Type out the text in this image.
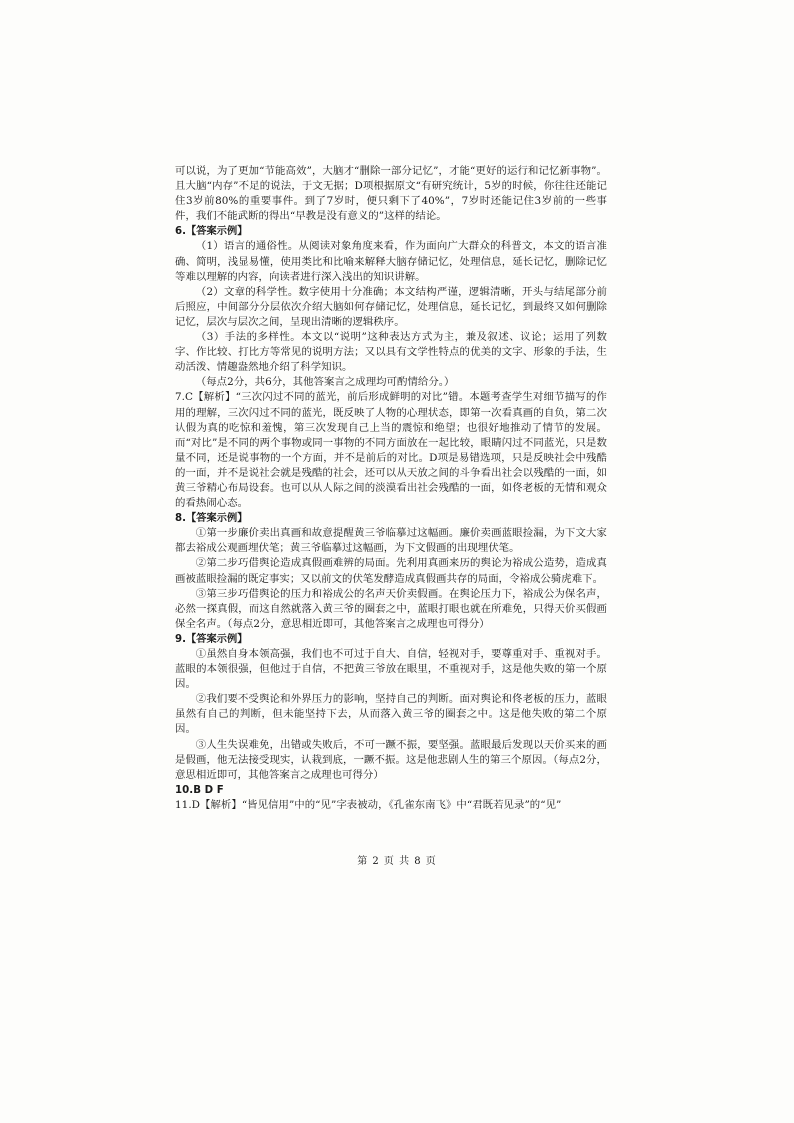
可以说，为了更加“节能高效”，大脑才“删除一部分记忆”，才能“更好的运行和记忆新事物”。且大脑“内存”不足的说法，于文无据；D项根据原文“有研究统计，5岁的时候，你往往还能记住3岁前80%的重要事件。到了7岁时，便只剩下了40%”，7岁时还能记住3岁前的一些事件，我们不能武断的得出“早教是没有意义的”这样的结论。

6.【答案示例】

（1）语言的通俗性。从阅读对象角度来看，作为面向广大群众的科普文，本文的语言准确、简明，浅显易懂，使用类比和比喻来解释大脑存储记忆，处理信息，延长记忆，删除记忆等难以理解的内容，向读者进行深入浅出的知识讲解。

（2）文章的科学性。数字使用十分准确；本文结构严谨，逻辑清晰，开头与结尾部分前后照应，中间部分分层依次介绍大脑如何存储记忆，处理信息，延长记忆，到最终又如何删除记忆，层次与层次之间，呈现出清晰的逻辑秩序。

（3）手法的多样性。本文以“说明”这种表达方式为主，兼及叙述、议论；运用了列数字、作比较、打比方等常见的说明方法；又以具有文学性特点的优美的文字、形象的手法，生动活泼、情趣盎然地介绍了科学知识。

（每点2分，共6分，其他答案言之成理均可酌情给分。）

7.C【解析】“三次闪过不同的蓝光，前后形成鲜明的对比”错。本题考查学生对细节描写的作用的理解，三次闪过不同的蓝光，既反映了人物的心理状态，即第一次看真画的自负，第二次认假为真的吃惊和羞愧，第三次发现自己上当的震惊和绝望；也很好地推动了情节的发展。而“对比”是不同的两个事物或同一事物的不同方面放在一起比较，眼睛闪过不同蓝光，只是数量不同，还是说事物的一个方面，并不是前后的对比。D项是易错选项，只是反映社会中残酷的一面，并不是说社会就是残酷的社会，还可以从天放之间的斗争看出社会以残酷的一面，如黄三爷精心布局设套。也可以从人际之间的淡漠看出社会残酷的一面，如佟老板的无情和观众的看热闹心态。

8.【答案示例】

①第一步廉价卖出真画和故意提醒黄三爷临摹过这幅画。廉价卖画蓝眼捡漏，为下文大家都去裕成公观画埋伏笔；黄三爷临摹过这幅画，为下文假画的出现埋伏笔。

②第二步巧借舆论造成真假画难辨的局面。先利用真画来历的舆论为裕成公造势，造成真画被蓝眼捡漏的既定事实；又以前文的伏笔发酵造成真假画共存的局面，令裕成公骑虎难下。

③第三步巧借舆论的压力和裕成公的名声天价卖假画。在舆论压力下，裕成公为保名声，必然一探真假，而这自然就落入黄三爷的圈套之中，蓝眼打眼也就在所难免，只得天价买假画保全名声。（每点2分，意思相近即可，其他答案言之成理也可得分）

9.【答案示例】

①虽然自身本领高强，我们也不可过于自大、自信，轻视对手，要尊重对手、重视对手。蓝眼的本领很强，但他过于自信，不把黄三爷放在眼里，不重视对手，这是他失败的第一个原因。

②我们要不受舆论和外界压力的影响，坚持自己的判断。面对舆论和佟老板的压力，蓝眼虽然有自己的判断，但未能坚持下去，从而落入黄三爷的圈套之中。这是他失败的第二个原因。

③人生失误难免，出错或失败后，不可一蹶不振，要坚强。蓝眼最后发现以天价买来的画是假画，他无法接受现实，认栽到底，一蹶不振。这是他悲剧人生的第三个原因。（每点2分，意思相近即可，其他答案言之成理也可得分）

10.B D F

11.D【解析】“皆见信用”中的“见”字表被动，《孔雀东南飞》中“君既若见录”的“见”

第 2 页 共 8 页
